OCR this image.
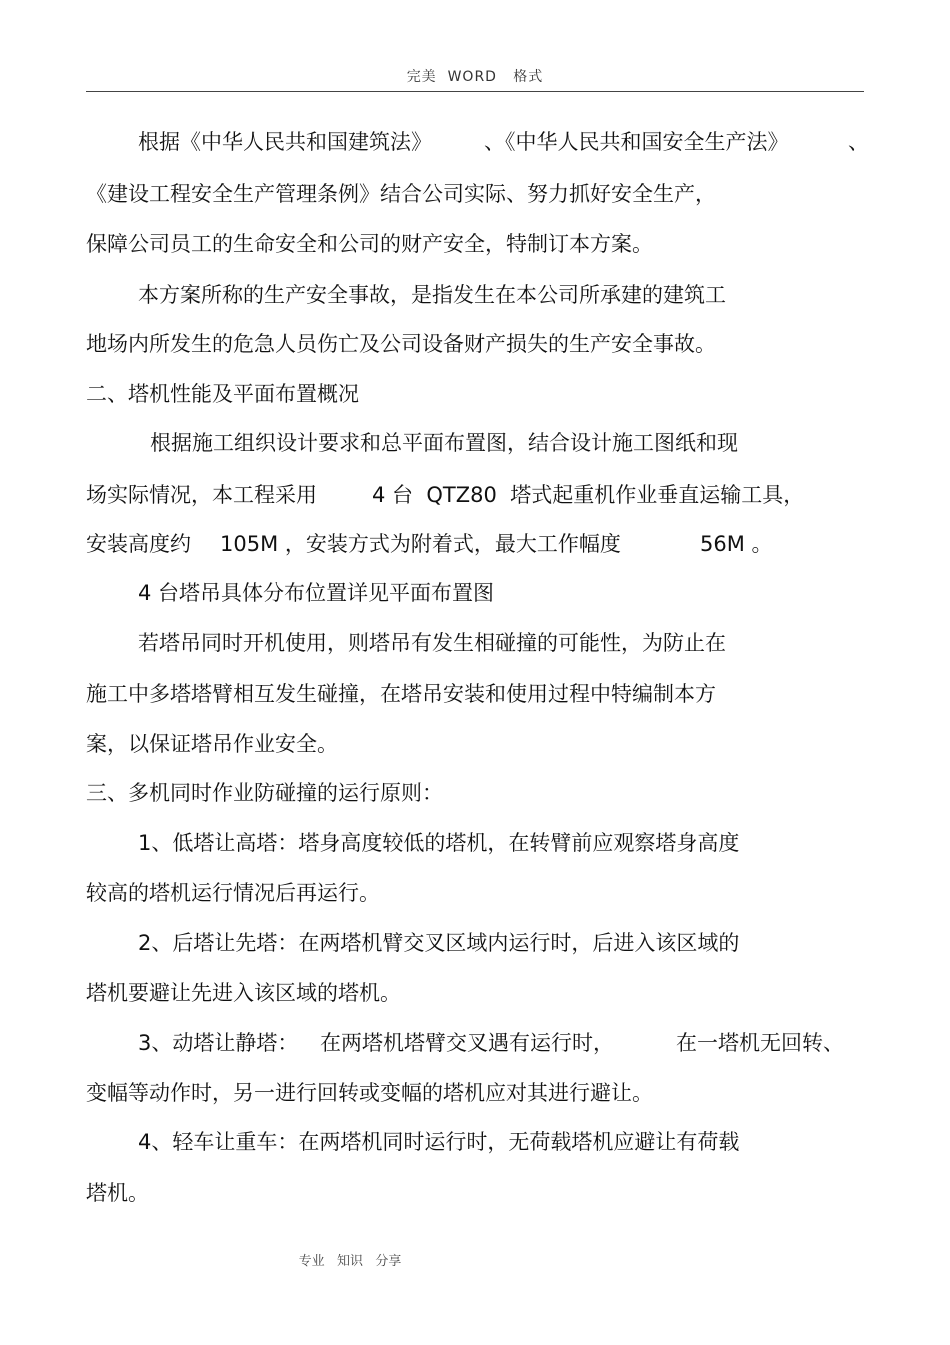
完美  WORD   格式
根据《中华人民共和国建筑法》 、《中华人民共和国安全生产法》	、
《建设工程安全生产管理条例》结合公司实际、努力抓好安全生产，
保障公司员工的生命安全和公司的财产安全，特制订本方案。
本方案所称的生产安全事故，是指发生在本公司所承建的建筑工
地场内所发生的危急人员伤亡及公司设备财产损失的生产安全事故。
二、塔机性能及平面布置概况
根据施工组织设计要求和总平面布置图，结合设计施工图纸和现
场实际情况，本工程采用	4 台  QTZ80  塔式起重机作业垂直运输工具，
安装高度约 105M ，安装方式为附着式，最大工作幅度	56M 。
4 台塔吊具体分布位置详见平面布置图
若塔吊同时开机使用，则塔吊有发生相碰撞的可能性，为防止在
施工中多塔塔臂相互发生碰撞，在塔吊安装和使用过程中特编制本方
案，以保证塔吊作业安全。
三、多机同时作业防碰撞的运行原则：
1、低塔让高塔：塔身高度较低的塔机，在转臂前应观察塔身高度
较高的塔机运行情况后再运行。
2、后塔让先塔：在两塔机臂交叉区域内运行时，后进入该区域的
塔机要避让先进入该区域的塔机。
3、动塔让静塔： 在两塔机塔臂交叉遇有运行时，	在一塔机无回转、
变幅等动作时，另一进行回转或变幅的塔机应对其进行避让。
4、轻车让重车：在两塔机同时运行时，无荷载塔机应避让有荷载
塔机。
专业   知识   分享
